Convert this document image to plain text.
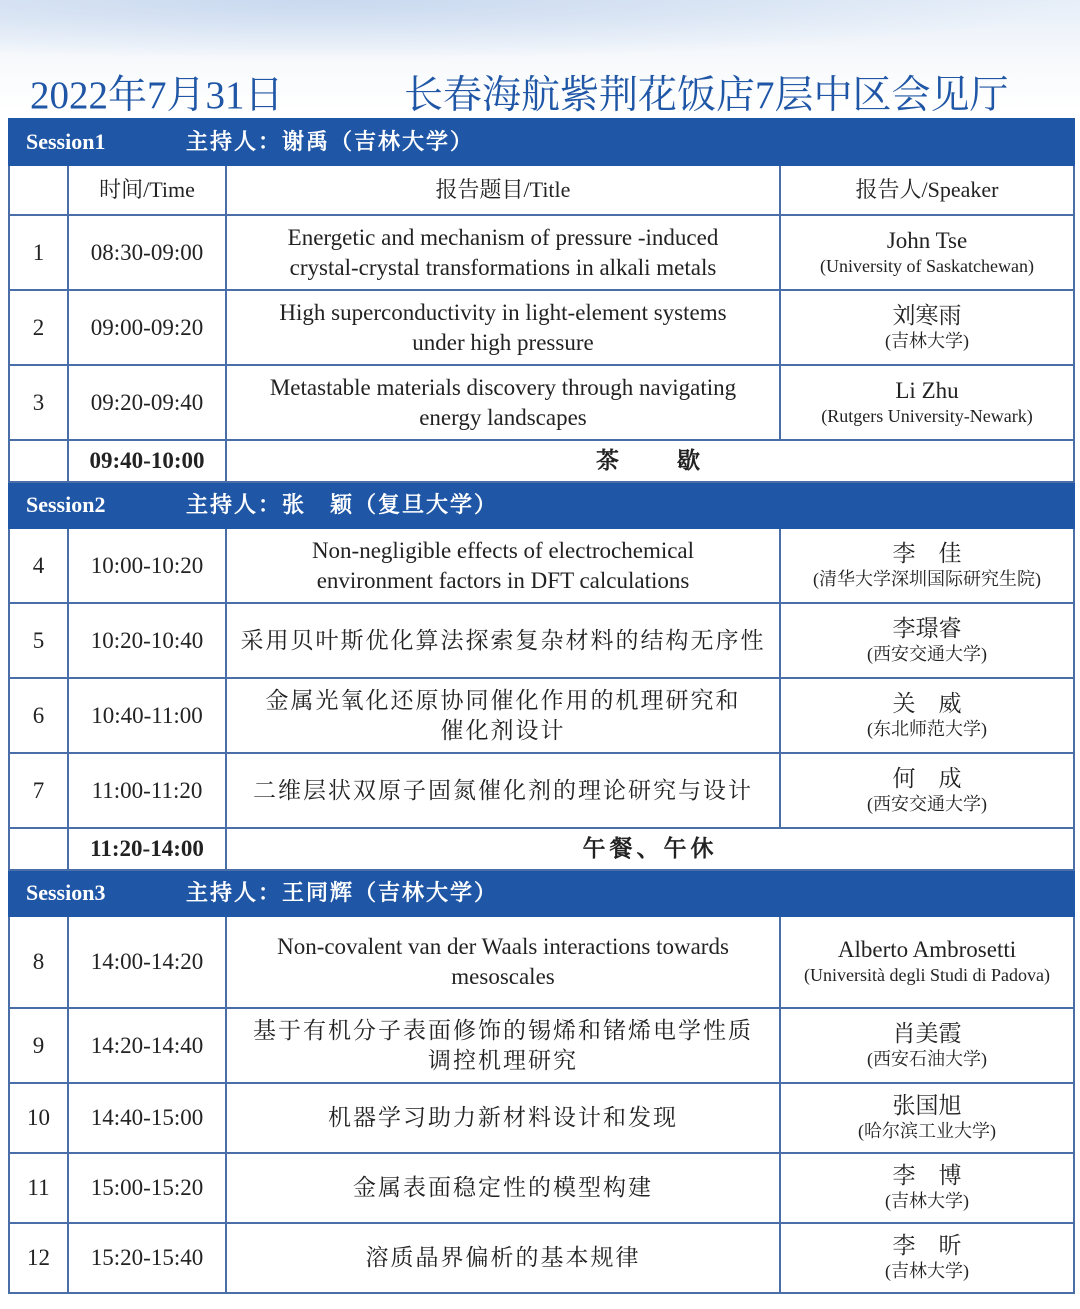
2022年7月31日	长春海航紫荆花饭店7层中区会见厅
Session1 主持人：谢禹（吉林大学）			
	时间/Time	报告题目/Title	报告人/Speaker
1	08:30-09:00	Energetic and mechanism of pressure -induced
crystal-crystal transformations in alkali metals	John Tse
(University of Saskatchewan)

2	09:00-09:20	High superconductivity in light-element systems
under high pressure	刘寒雨
(吉林大学)

3	09:20-09:40	Metastable materials discovery through navigating
energy landscapes	Li Zhu
(Rutgers University-Newark)

	09:40-10:00	茶　　歇	
Session2 主持人：张　颖（复旦大学）			
4	10:00-10:20	Non-negligible effects of electrochemical
environment factors in DFT calculations	李　佳
(清华大学深圳国际研究生院)

5	10:20-10:40	采用贝叶斯优化算法探索复杂材料的结构无序性	李璟睿
(西安交通大学)

6	10:40-11:00	金属光氧化还原协同催化作用的机理研究和
催化剂设计	关　威
(东北师范大学)

7	11:00-11:20	二维层状双原子固氮催化剂的理论研究与设计	何　成
(西安交通大学)

	11:20-14:00	午餐、午休	
Session3 主持人：王同辉（吉林大学）			
8	14:00-14:20	Non-covalent van der Waals interactions towards
mesoscales	Alberto Ambrosetti
(Università degli Studi di Padova)

9	14:20-14:40	基于有机分子表面修饰的锡烯和锗烯电学性质
调控机理研究	肖美霞
(西安石油大学)

10	14:40-15:00	机器学习助力新材料设计和发现	张国旭
(哈尔滨工业大学)

11	15:00-15:20	金属表面稳定性的模型构建	李　博
(吉林大学)

12	15:20-15:40	溶质晶界偏析的基本规律	李　昕
(吉林大学)
